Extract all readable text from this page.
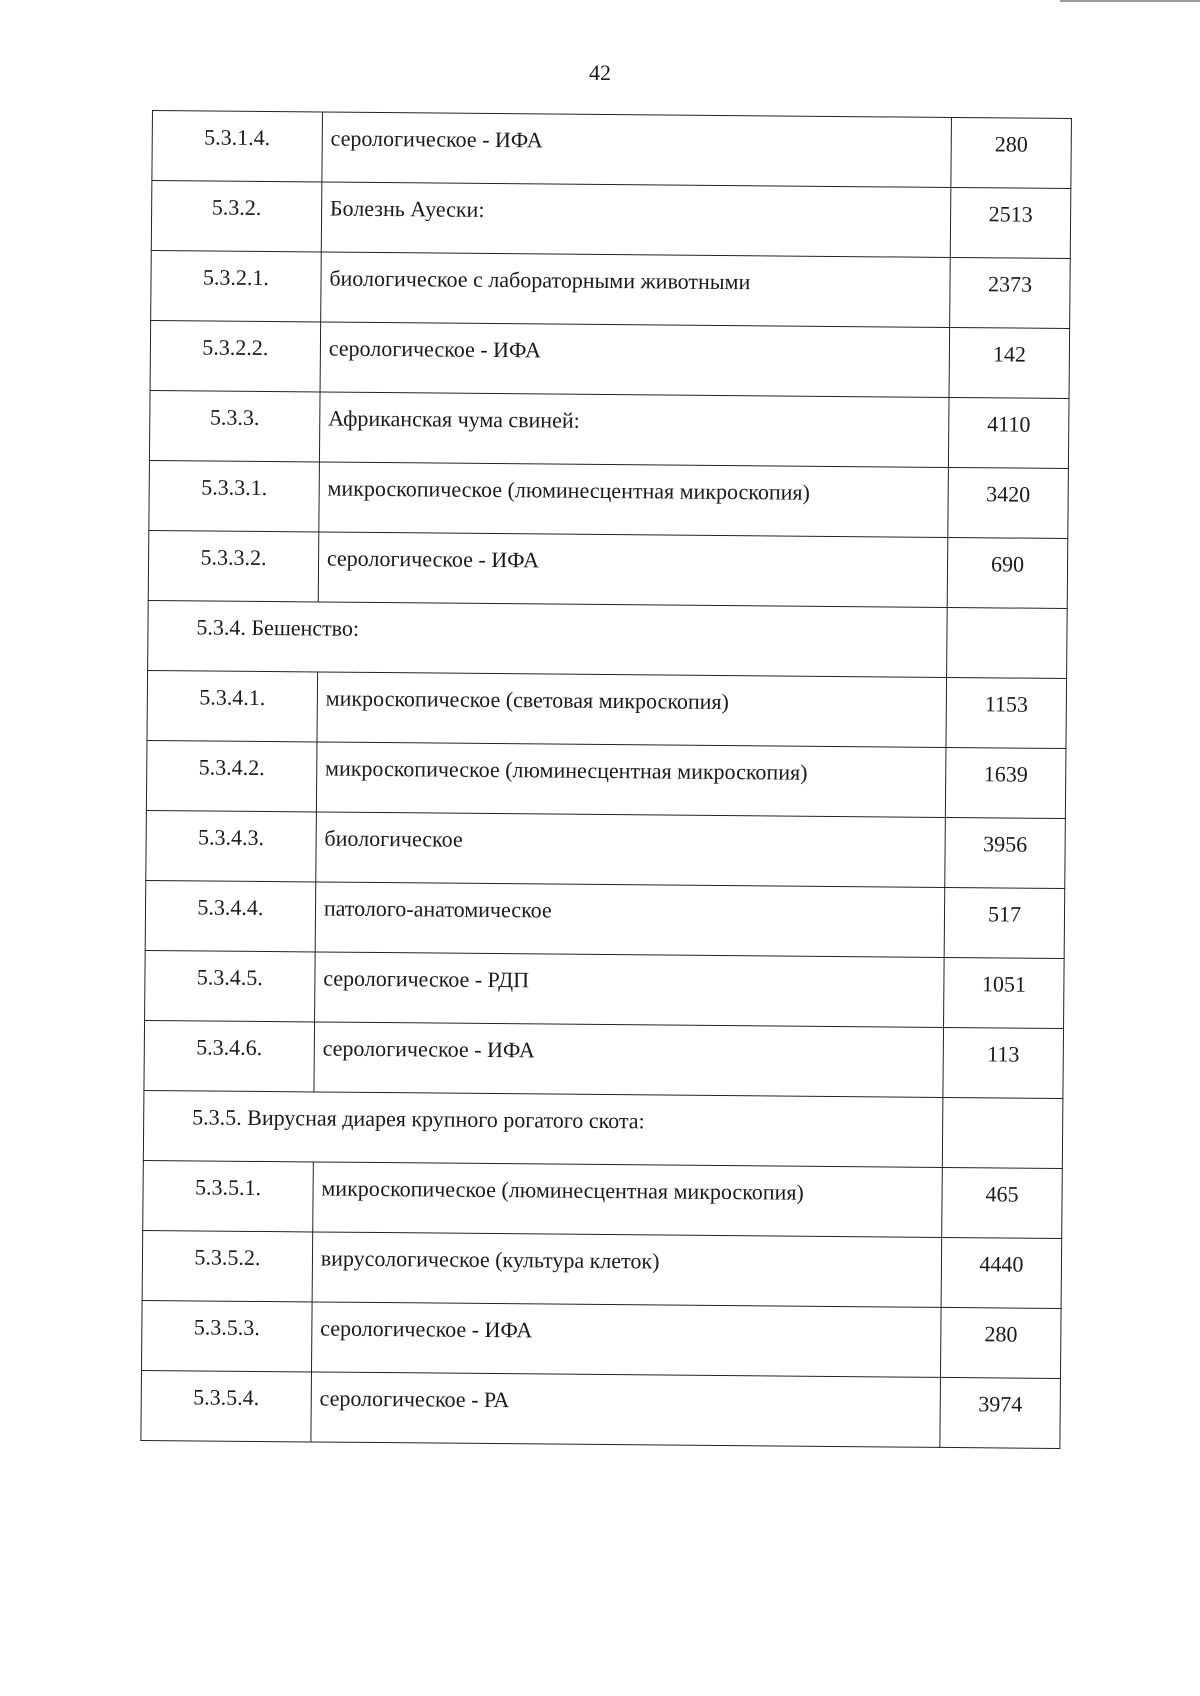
42
5.3.1.4.	серологическое - ИФА	280
5.3.2.	Болезнь Ауески:	2513
5.3.2.1.	биологическое с лабораторными животными	2373
5.3.2.2.	серологическое - ИФА	142
5.3.3.	Африканская чума свиней:	4110
5.3.3.1.	микроскопическое (люминесцентная микроскопия)	3420
5.3.3.2.	серологическое - ИФА	690
5.3.4. Бешенство:		
5.3.4.1.	микроскопическое (световая микроскопия)	1153
5.3.4.2.	микроскопическое (люминесцентная микроскопия)	1639
5.3.4.3.	биологическое	3956
5.3.4.4.	патолого-анатомическое	517
5.3.4.5.	серологическое - РДП	1051
5.3.4.6.	серологическое - ИФА	113
5.3.5. Вирусная диарея крупного рогатого скота:		
5.3.5.1.	микроскопическое (люминесцентная микроскопия)	465
5.3.5.2.	вирусологическое (культура клеток)	4440
5.3.5.3.	серологическое - ИФА	280
5.3.5.4.	серологическое - РА	3974
